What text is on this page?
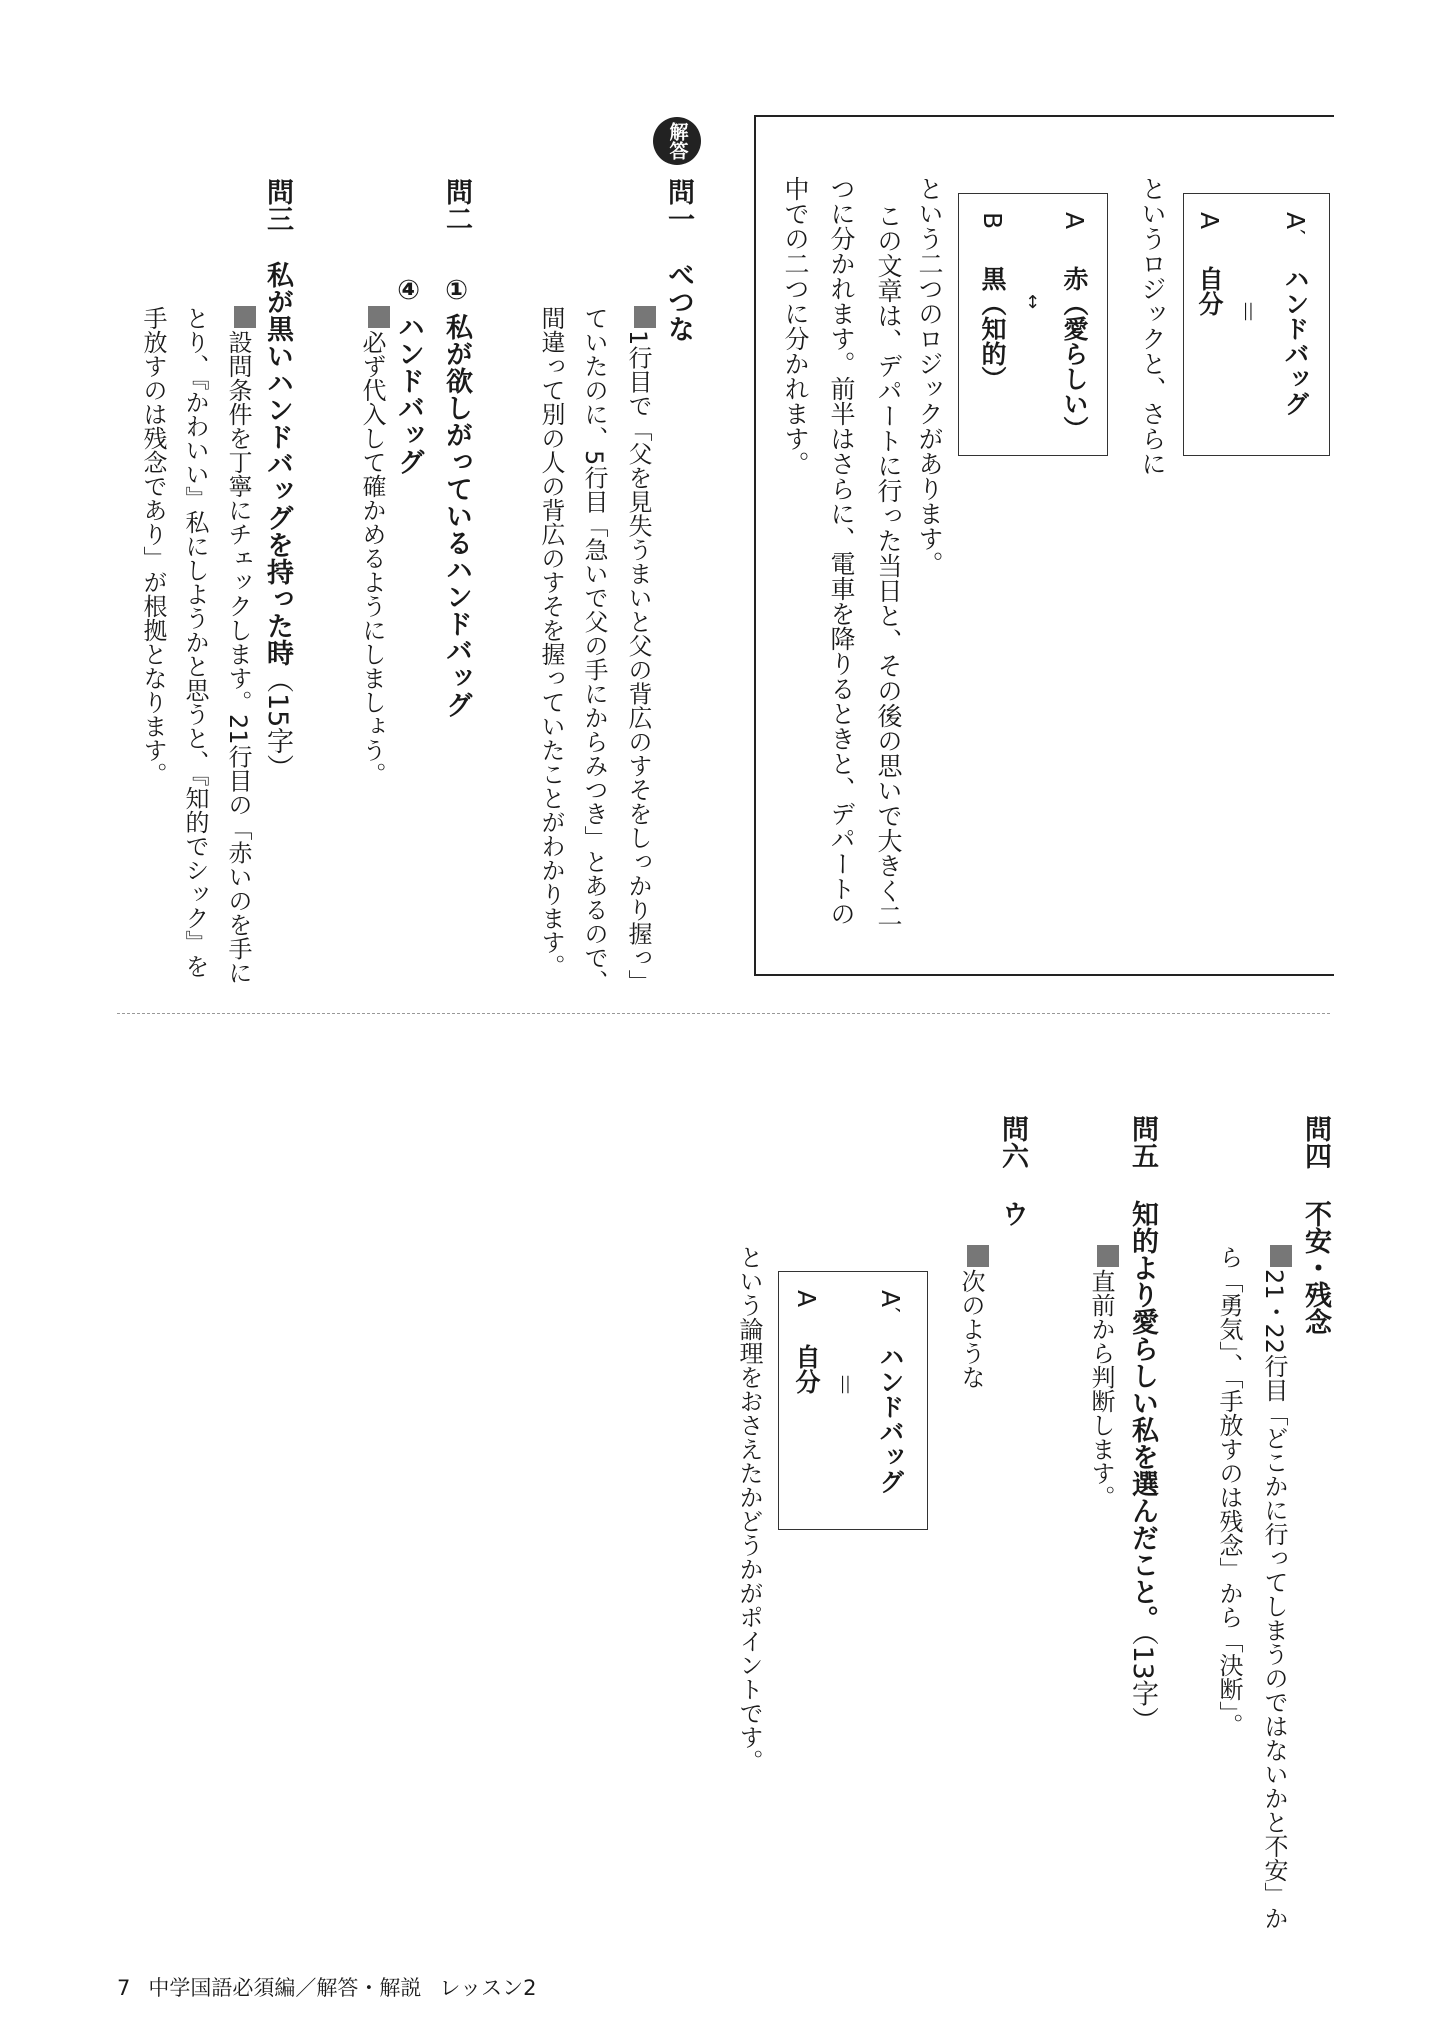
というロジックと、さらに	A′
ハンドバッグ
＝
A
自分
A
赤（愛らしい）
↔
B
黒（知的）
という二つのロジックがあります。
この文章は、デパートに行った当日と、その後の思いで大きく二
つに分かれます。前半はさらに、電車を降りるときと、デパートの
中での二つに分かれます。
解答
問一
べつな
1行目で「父を見失うまいと父の背広のすそをしっかり握っ」
ていたのに、5行目「急いで父の手にからみつき」とあるので、
間違って別の人の背広のすそを握っていたことがわかります。
問二
①
私が欲しがっているハンドバッグ
④
ハンドバッグ
必ず代入して確かめるようにしましょう。
問三
私が黒いハンドバッグを持った時（15字）
設問条件を丁寧にチェックします。21行目の「赤いのを手に
とり、『かわいい』私にしようかと思うと、『知的でシック』を
手放すのは残念であり」が根拠となります。
問四
不安・残念
21・22行目「どこかに行ってしまうのではないかと不安」か
ら「勇気」、「手放すのは残念」から「決断」。
問五
知的より愛らしい私を選んだこと。（13字）
直前から判断します。
問六
ウ
次のような
A′
ハンドバッグ
＝
A
自分
という論理をおさえたかどうかがポイントです。
7 中学国語必須編／解答・解説 レッスン2
